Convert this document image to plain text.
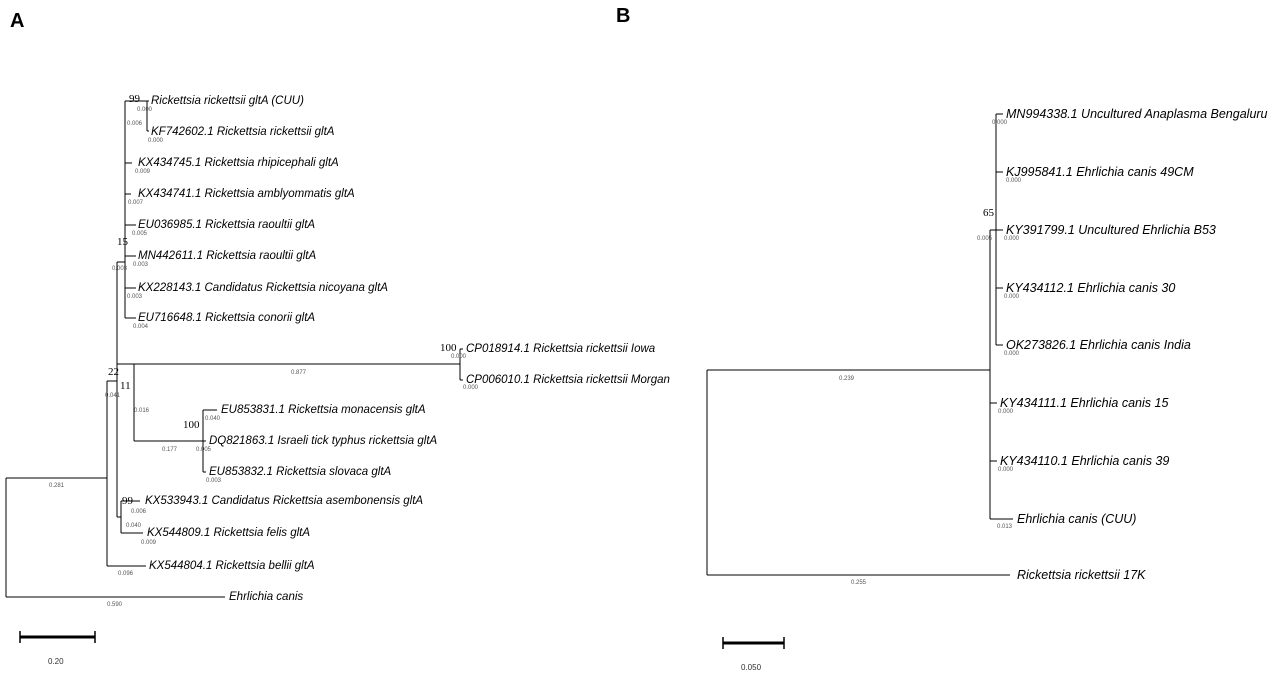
A
Rickettsia rickettsii gltA (CUU)
KF742602.1 Rickettsia rickettsii gltA
KX434745.1 Rickettsia rhipicephali gltA
KX434741.1 Rickettsia amblyommatis gltA
EU036985.1 Rickettsia raoultii gltA
MN442611.1 Rickettsia raoultii gltA
KX228143.1 Candidatus Rickettsia nicoyana gltA
EU716648.1 Rickettsia conorii gltA
CP018914.1 Rickettsia rickettsii Iowa
CP006010.1 Rickettsia rickettsii Morgan
EU853831.1 Rickettsia monacensis gltA
DQ821863.1 Israeli tick typhus rickettsia gltA
EU853832.1 Rickettsia slovaca gltA
KX533943.1 Candidatus Rickettsia asembonensis gltA
KX544809.1 Rickettsia felis gltA
KX544804.1 Rickettsia bellii gltA
Ehrlichia canis
99
15
100
22
11
100
99
0.000
0.006
0.000
0.009
0.007
0.005
0.003
0.003
0.003
0.004
0.000
0.000
0.877
0.040
0.005
0.003
0.177
0.016
0.041
0.006
0.040
0.009
0.096
0.281
0.590
0.20
B
MN994338.1 Uncultured Anaplasma Bengaluru
KJ995841.1 Ehrlichia canis 49CM
KY391799.1 Uncultured Ehrlichia B53
KY434112.1 Ehrlichia canis 30
OK273826.1 Ehrlichia canis India
KY434111.1 Ehrlichia canis 15
KY434110.1 Ehrlichia canis 39
Ehrlichia canis (CUU)
Rickettsia rickettsii 17K
65
0.000
0.000
0.005 0.000
0.000
0.000
0.000
0.000
0.013
0.239
0.255
0.050
